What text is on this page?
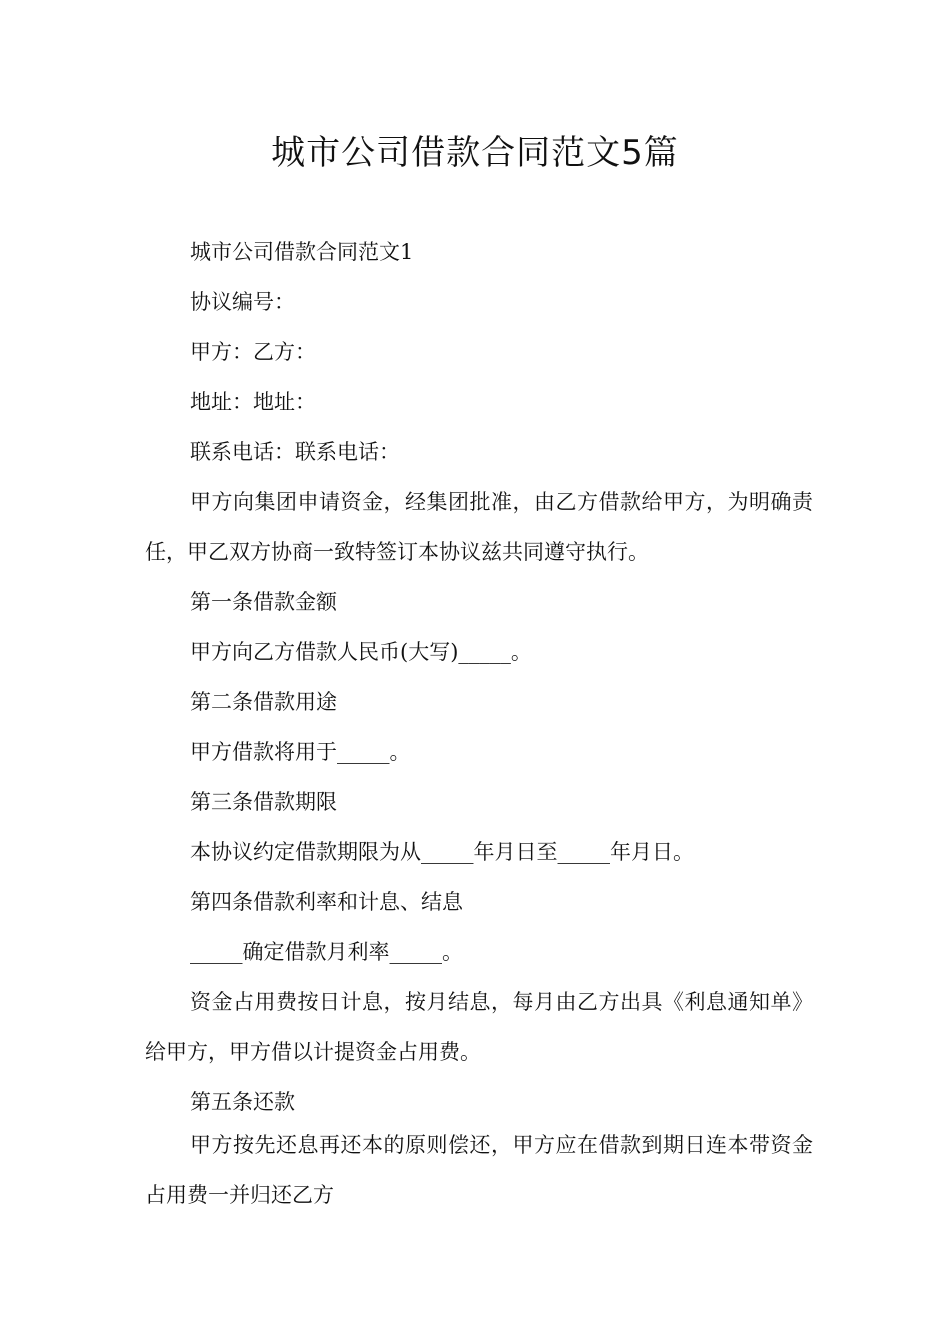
城市公司借款合同范文5篇
城市公司借款合同范文1
协议编号：
甲方：乙方：
地址：地址：
联系电话：联系电话：
甲方向集团申请资金，经集团批准，由乙方借款给甲方，为明确责任，甲乙双方协商一致特签订本协议兹共同遵守执行。
第一条借款金额
甲方向乙方借款人民币(大写)_____。
第二条借款用途
甲方借款将用于_____。
第三条借款期限
本协议约定借款期限为从_____年月日至_____年月日。
第四条借款利率和计息、结息
_____确定借款月利率_____。
资金占用费按日计息，按月结息，每月由乙方出具《利息通知单》给甲方，甲方借以计提资金占用费。
第五条还款
甲方按先还息再还本的原则偿还，甲方应在借款到期日连本带资金占用费一并归还乙方
